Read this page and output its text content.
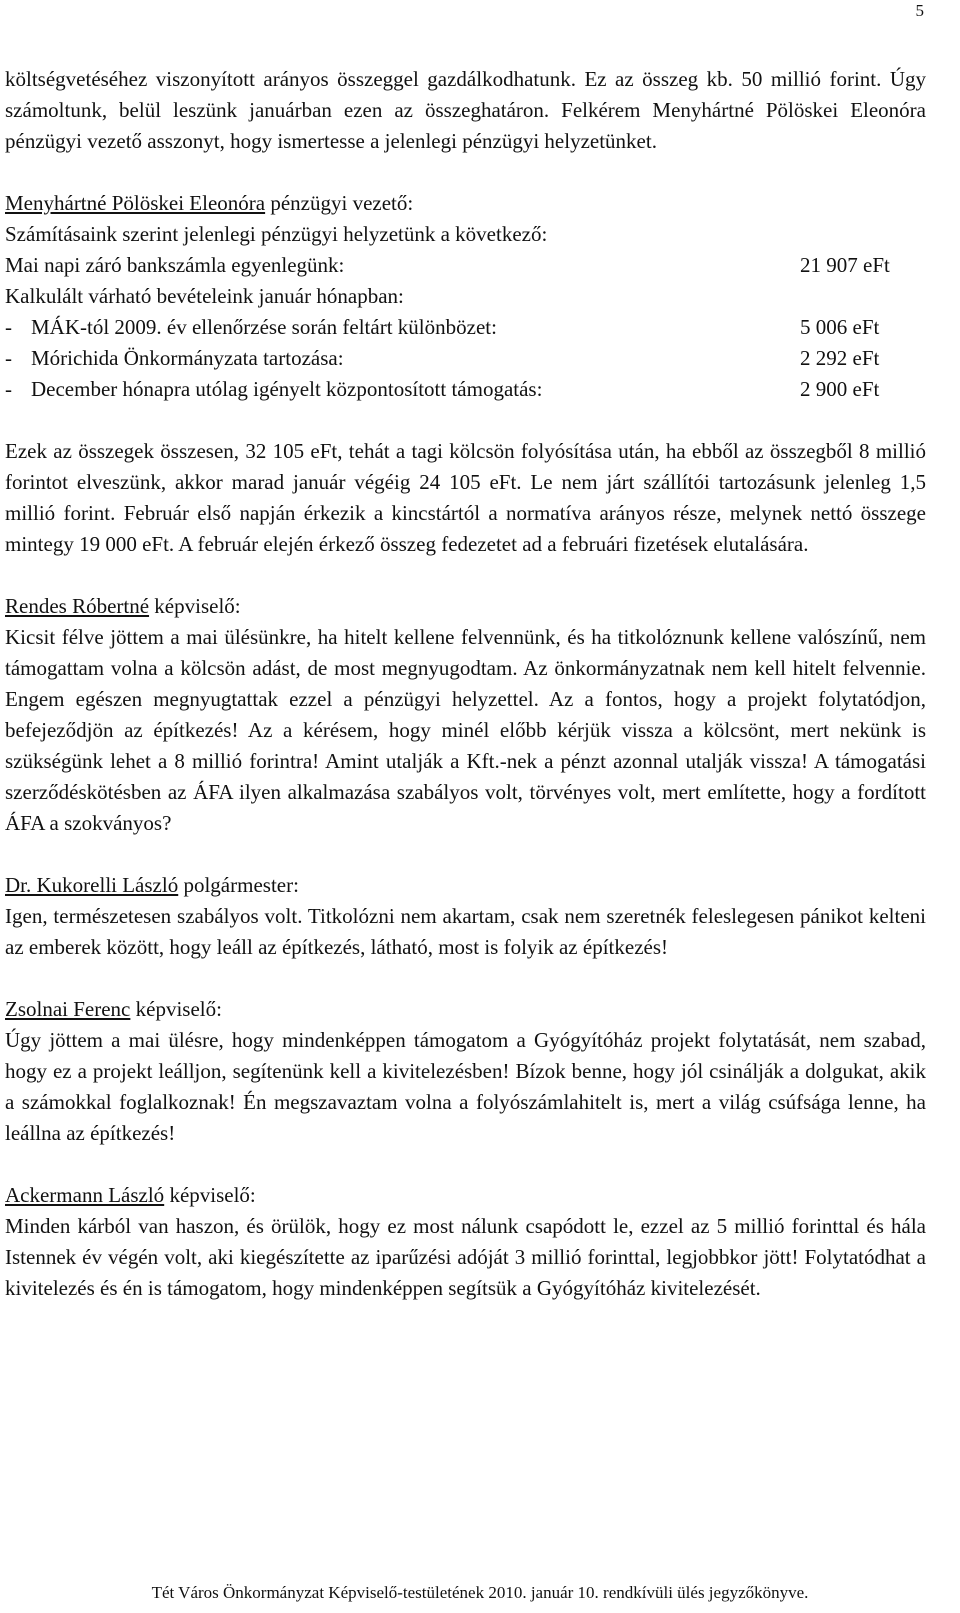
5

költségvetéséhez viszonyított arányos összeggel gazdálkodhatunk. Ez az összeg kb. 50 millió forint. Úgy számoltunk, belül leszünk januárban ezen az összeghatáron. Felkérem Menyhártné Pölöskei Eleonóra pénzügyi vezető asszonyt, hogy ismertesse a jelenlegi pénzügyi helyzetünket.

Menyhártné Pölöskei Eleonóra pénzügyi vezető:

Számításaink szerint jelenlegi pénzügyi helyzetünk a következő:

Mai napi záró bankszámla egyenlegünk:	21 907 eFt

Kalkulált várható bevételeink január hónapban:

- MÁK-tól 2009. év ellenőrzése során feltárt különbözet:	5 006 eFt
- Mórichida Önkormányzata tartozása:	2 292 eFt
- December hónapra utólag igényelt központosított támogatás:	2 900 eFt

Ezek az összegek összesen, 32 105 eFt, tehát a tagi kölcsön folyósítása után, ha ebből az összegből 8 millió forintot elveszünk, akkor marad január végéig 24 105 eFt. Le nem járt szállítói tartozásunk jelenleg 1,5 millió forint. Február első napján érkezik a kincstártól a normatíva arányos része, melynek nettó összege mintegy 19 000 eFt. A február elején érkező összeg fedezetet ad a februári fizetések elutalására.

Rendes Róbertné képviselő:

Kicsit félve jöttem a mai ülésünkre, ha hitelt kellene felvennünk, és ha titkolóznunk kellene valószínű, nem támogattam volna a kölcsön adást, de most megnyugodtam. Az önkormányzatnak nem kell hitelt felvennie. Engem egészen megnyugtattak ezzel a pénzügyi helyzettel. Az a fontos, hogy a projekt folytatódjon, befejeződjön az építkezés! Az a kérésem, hogy minél előbb kérjük vissza a kölcsönt, mert nekünk is szükségünk lehet a 8 millió forintra! Amint utalják a Kft.-nek a pénzt azonnal utalják vissza! A támogatási szerződéskötésben az ÁFA ilyen alkalmazása szabályos volt, törvényes volt, mert említette, hogy a fordított ÁFA a szokványos?

Dr. Kukorelli László polgármester:

Igen, természetesen szabályos volt. Titkolózni nem akartam, csak nem szeretnék feleslegesen pánikot kelteni az emberek között, hogy leáll az építkezés, látható, most is folyik az építkezés!

Zsolnai Ferenc képviselő:

Úgy jöttem a mai ülésre, hogy mindenképpen támogatom a Gyógyítóház projekt folytatását, nem szabad, hogy ez a projekt leálljon, segítenünk kell a kivitelezésben! Bízok benne, hogy jól csinálják a dolgukat, akik a számokkal foglalkoznak! Én megszavaztam volna a folyószámlahitelt is, mert a világ csúfsága lenne, ha leállna az építkezés!

Ackermann László képviselő:

Minden kárból van haszon, és örülök, hogy ez most nálunk csapódott le, ezzel az 5 millió forinttal és hála Istennek év végén volt, aki kiegészítette az iparűzési adóját 3 millió forinttal, legjobbkor jött! Folytatódhat a kivitelezés és én is támogatom, hogy mindenképpen segítsük a Gyógyítóház kivitelezését.

Tét Város Önkormányzat Képviselő-testületének 2010. január 10. rendkívüli ülés jegyzőkönyve.
